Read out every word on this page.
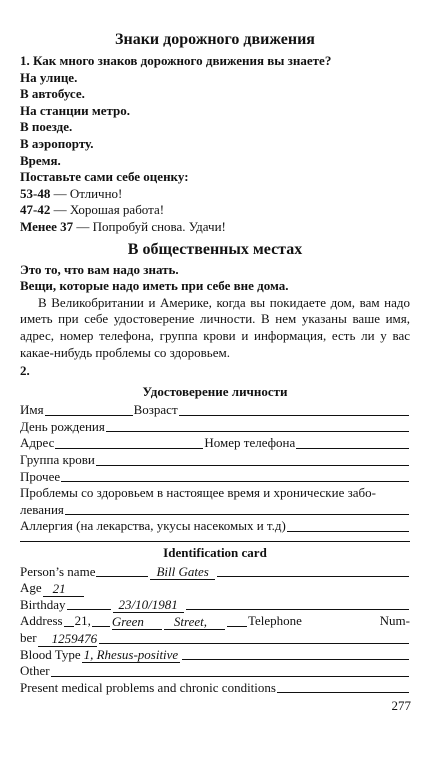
Знаки дорожного движения
1. Как много знаков дорожного движения вы знаете?
На улице.
В автобусе.
На станции метро.
В поезде.
В аэропорту.
Время.
Поставьте сами себе оценку:
53-48 — Отлично!
47-42 — Хорошая работа!
Менее 37 — Попробуй снова. Удачи!
В общественных местах
Это то, что вам надо знать.
Вещи, которые надо иметь при себе вне дома.

В Великобритании и Америке, когда вы покидаете дом, вам надо иметь при себе удостоверение личности. В нем указаны ваше имя, адрес, номер телефона, группа крови и информация, есть ли у вас какае-нибудь проблемы со здоровьем.

2.
Удостоверение личности
Имя	Возраст
День рождения
Адрес	Номер телефона
Группа крови
Прочее
Проблемы со здоровьем в настоящее время и хронические забо-
левания
Аллергия (на лекарства, укусы насекомых и т.д)
Identification card
Person’s name	Bill Gates
Age 21
Birthday	23/10/1981
Address 21, Green	Street,	Telephone	Num-
ber	1259476
Blood Type 1, Rhesus-positive
Other
Present medical problems and chronic conditions
277
